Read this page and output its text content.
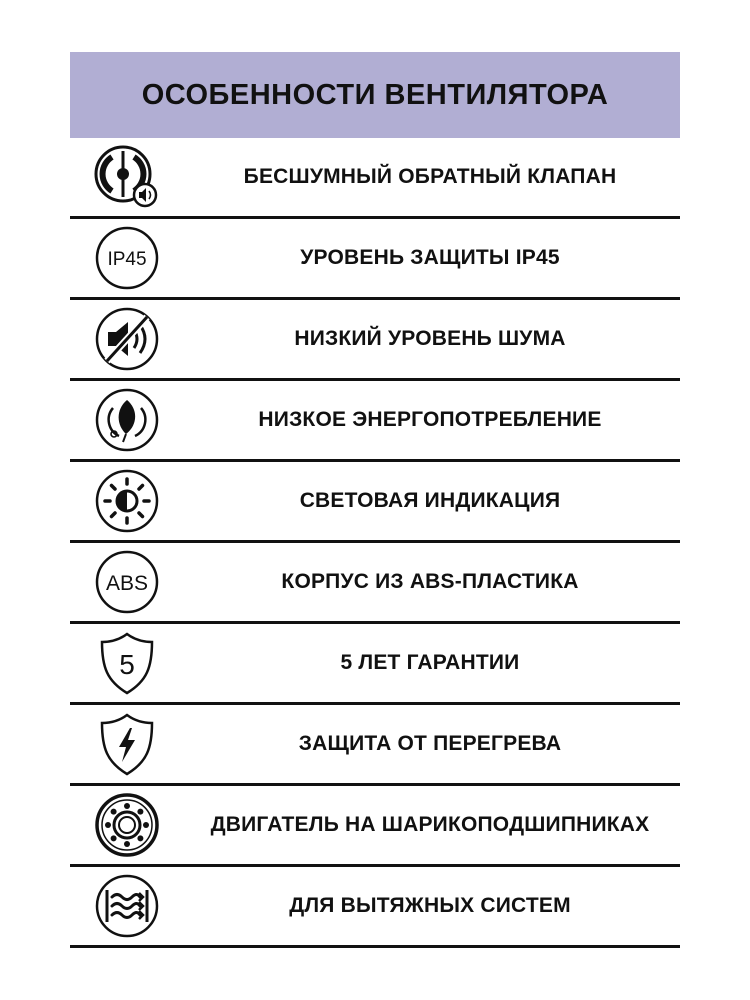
ОСОБЕННОСТИ ВЕНТИЛЯТОРА
БЕСШУМНЫЙ ОБРАТНЫЙ КЛАПАН
IP45	УРОВЕНЬ ЗАЩИТЫ IP45
НИЗКИЙ УРОВЕНЬ ШУМА
НИЗКОЕ ЭНЕРГОПОТРЕБЛЕНИЕ
СВЕТОВАЯ ИНДИКАЦИЯ
ABS	КОРПУС ИЗ ABS-ПЛАСТИКА
5	5 ЛЕТ ГАРАНТИИ
ЗАЩИТА ОТ ПЕРЕГРЕВА
ДВИГАТЕЛЬ НА ШАРИКОПОДШИПНИКАХ
ДЛЯ ВЫТЯЖНЫХ СИСТЕМ
